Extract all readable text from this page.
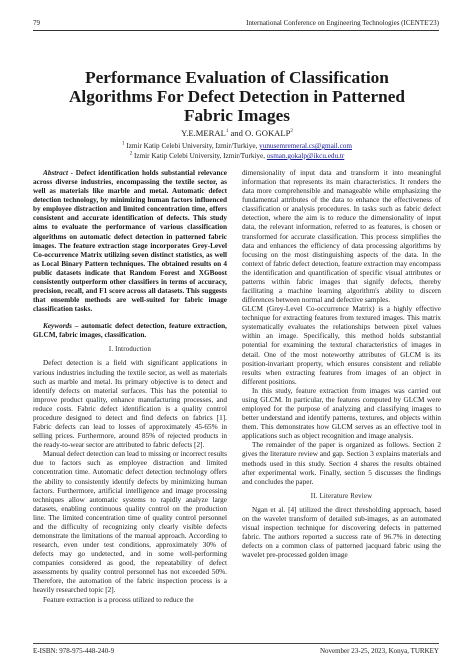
79	International Conference on Engineering Technologies (ICENTE'23)
Performance Evaluation of Classification
Algorithms For Defect Detection in Patterned
Fabric Images
Y.E.MERAL$^1$ and O. GOKALP$^2$
$^1$ Izmir Katip Celebi University, Izmir/Turkiye, yunusemremeral.cs@gmail.com
$^2$ Izmir Katip Celebi University, Izmir/Turkiye, osman.gokalp@ikcu.edu.tr

Abstract - Defect identification holds substantial relevance across diverse industries, encompassing the textile sector, as well as materials like marble and metal. Automatic defect detection technology, by minimizing human factors influenced by employee distraction and limited concentration time, offers consistent and accurate identification of defects. This study aims to evaluate the performance of various classification algorithms on automatic defect detection in patterned fabric images. The feature extraction stage incorporates Grey-Level Co-occurrence Matrix utilizing seven distinct statistics, as well as Local Binary Pattern techniques. The obtained results on 4 public datasets indicate that Random Forest and XGBoost consistently outperform other classifiers in terms of accuracy, precision, recall, and F1 score across all datasets. This suggests that ensemble methods are well-suited for fabric image classification tasks.

Keywords – automatic defect detection, feature extraction, GLCM, fabric images, classification.

I. Introduction

Defect detection is a field with significant applications in various industries including the textile sector, as well as materials such as marble and metal. Its primary objective is to detect and identify defects on material surfaces. This has the potential to improve product quality, enhance manufacturing processes, and reduce costs. Fabric defect identification is a quality control procedure designed to detect and find defects on fabrics [1]. Fabric defects can lead to losses of approximately 45-65% in selling prices. Furthermore, around 85% of rejected products in the ready-to-wear sector are attributed to fabric defects [2].

Manual defect detection can lead to missing or incorrect results due to factors such as employee distraction and limited concentration time. Automatic defect detection technology offers the ability to consistently identify defects by minimizing human factors. Furthermore, artificial intelligence and image processing techniques allow automatic systems to rapidly analyze large datasets, enabling continuous quality control on the production line. The limited concentration time of quality control personnel and the difficulty of recognizing only clearly visible defects demonstrate the limitations of the manual approach. According to research, even under test conditions, approximately 30% of defects may go undetected, and in some well-performing companies considered as good, the repeatability of defect assessments by quality control personnel has not exceeded 50%. Therefore, the automation of the fabric inspection process is a heavily researched topic [2].

Feature extraction is a process utilized to reduce the

dimensionality of input data and transform it into meaningful information that represents its main characteristics. It renders the data more comprehensible and manageable while emphasizing the fundamental attributes of the data to enhance the effectiveness of classification or analysis procedures. In tasks such as fabric defect detection, where the aim is to reduce the dimensionality of input data, the relevant information, referred to as features, is chosen or transformed for accurate classification. This process simplifies the data and enhances the efficiency of data processing algorithms by focusing on the most distinguishing aspects of the data. In the context of fabric defect detection, feature extraction may encompass the identification and quantification of specific visual attributes or patterns within fabric images that signify defects, thereby facilitating a machine learning algorithm's ability to discern differences between normal and defective samples.

GLCM (Grey-Level Co-occurrence Matrix) is a highly effective technique for extracting features from textured images. This matrix systematically evaluates the relationships between pixel values within an image. Specifically, this method holds substantial potential for examining the textural characteristics of images in detail. One of the most noteworthy attributes of GLCM is its position-invariant property, which ensures consistent and reliable results when extracting features from images of an object in different positions.

In this study, feature extraction from images was carried out using GLCM. In particular, the features computed by GLCM were employed for the purpose of analyzing and classifying images to better understand and identify patterns, textures, and objects within them. This demonstrates how GLCM serves as an effective tool in applications such as object recognition and image analysis.

The remainder of the paper is organized as follows. Section 2 gives the literature review and gap. Section 3 explains materials and methods used in this study. Section 4 shares the results obtained after experimental work. Finally, section 5 discusses the findings and concludes the paper.

II. Literature Review

Ngan et al. [4] utilized the direct thresholding approach, based on the wavelet transform of detailed sub-images, as an automated visual inspection technique for discovering defects in patterned fabric. The authors reported a success rate of 96.7% in detecting defects on a common class of patterned jacquard fabric using the wavelet pre-processed golden image

E-ISBN: 978-975-448-240-9	November 23-25, 2023, Konya, TURKEY
